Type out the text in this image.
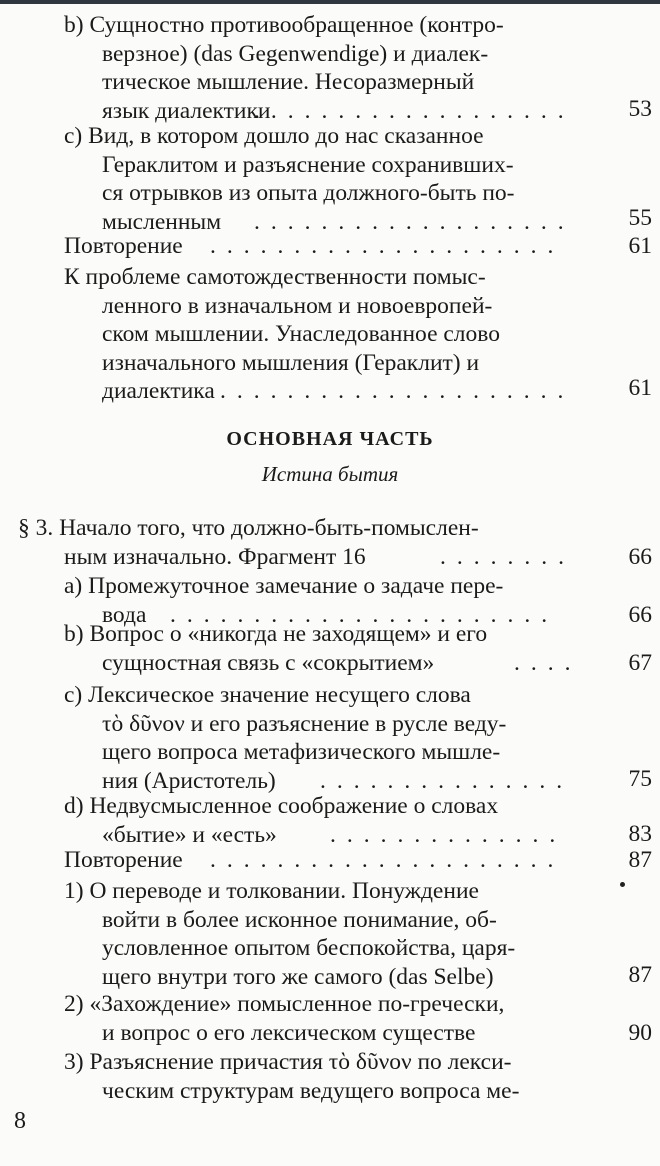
b) Сущностно противообращенное (контро-
верзное) (das Gegenwendige) и диалек-
тическое мышление. Несоразмерный
язык диалектики
...................	53
c) Вид, в котором дошло до нас сказанное
Гераклитом и разъяснение сохранивших-
ся отрывков из опыта должного-быть по-
мысленным ...................	55
Повторение .....................	61
К проблеме самотождественности помыс-
ленного в изначальном и новоевропей-
ском мышлении. Унаследованное слово
изначального мышления (Гераклит) и
диалектика .....................	61
§ 3. Начало того, что должно-быть-помыслен-
ным изначально. Фрагмент 16	........	66
a) Промежуточное замечание о задаче пере-
вода .......................	66
b) Вопрос о «никогда не заходящем» и его
сущностная связь с «сокрытием»	.... 67
c) Лексическое значение несущего слова
τὸ δῦνον и его разъяснение в русле веду-
щего вопроса метафизического мышле-
ния (Аристотель) ...............	75
d) Недвусмысленное соображение о словах
«бытие» и «есть» ..............	83
Повторение .....................	87
1) О переводе и толковании. Понуждение
войти в более исконное понимание, об-
условленное опытом беспокойства, царя-
щего внутри того же самого (das Selbe)	87
2) «Захождение» помысленное по-гречески,
и вопрос о его лексическом существе	90
3) Разъяснение причастия τὸ δῦνον по лекси-
ческим структурам ведущего вопроса ме-
ОСНОВНАЯ ЧАСТЬ
Истина бытия
8
